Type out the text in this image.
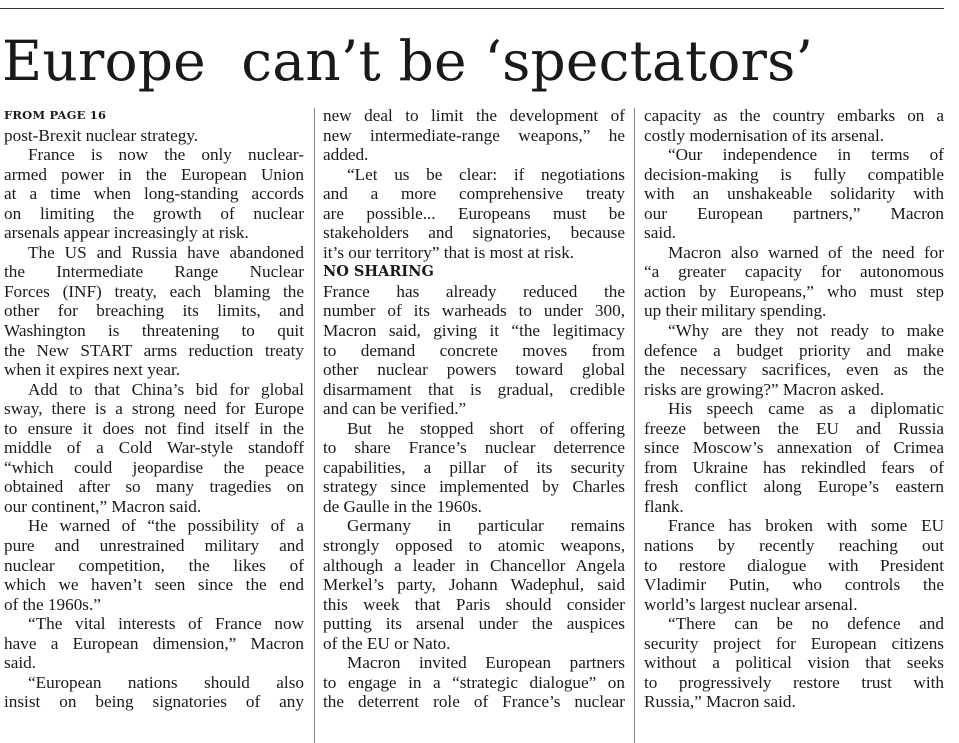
Europe  can’t be ‘spectators’
FROM PAGE 16
post-Brexit nuclear strategy.
France is now the only nuclear-
armed power in the European Union
at a time when long-standing accords
on limiting the growth of nuclear
arsenals appear increasingly at risk.
The US and Russia have abandoned
the Intermediate Range Nuclear
Forces (INF) treaty, each blaming the
other for breaching its limits, and
Washington is threatening to quit
the New START arms reduction treaty
when it expires next year.
Add to that China’s bid for global
sway, there is a strong need for Europe
to ensure it does not find itself in the
middle of a Cold War-style standoff
“which could jeopardise the peace
obtained after so many tragedies on
our continent,” Macron said.
He warned of “the possibility of a
pure and unrestrained military and
nuclear competition, the likes of
which we haven’t seen since the end
of the 1960s.”
“The vital interests of France now
have a European dimension,” Macron
said.
“European nations should also
insist on being signatories of any
new deal to limit the development of
new intermediate-range weapons,” he
added.
“Let us be clear: if negotiations
and a more comprehensive treaty
are possible... Europeans must be
stakeholders and signatories, because
it’s our territory” that is most at risk.
NO SHARING
France has already reduced the
number of its warheads to under 300,
Macron said, giving it “the legitimacy
to demand concrete moves from
other nuclear powers toward global
disarmament that is gradual, credible
and can be verified.”
But he stopped short of offering
to share France’s nuclear deterrence
capabilities, a pillar of its security
strategy since implemented by Charles
de Gaulle in the 1960s.
Germany in particular remains
strongly opposed to atomic weapons,
although a leader in Chancellor Angela
Merkel’s party, Johann Wadephul, said
this week that Paris should consider
putting its arsenal under the auspices
of the EU or Nato.
Macron invited European partners
to engage in a “strategic dialogue” on
the deterrent role of France’s nuclear
capacity as the country embarks on a
costly modernisation of its arsenal.
“Our independence in terms of
decision-making is fully compatible
with an unshakeable solidarity with
our European partners,” Macron
said.
Macron also warned of the need for
“a greater capacity for autonomous
action by Europeans,” who must step
up their military spending.
“Why are they not ready to make
defence a budget priority and make
the necessary sacrifices, even as the
risks are growing?” Macron asked.
His speech came as a diplomatic
freeze between the EU and Russia
since Moscow’s annexation of Crimea
from Ukraine has rekindled fears of
fresh conflict along Europe’s eastern
flank.
France has broken with some EU
nations by recently reaching out
to restore dialogue with President
Vladimir Putin, who controls the
world’s largest nuclear arsenal.
“There can be no defence and
security project for European citizens
without a political vision that seeks
to progressively restore trust with
Russia,” Macron said.
